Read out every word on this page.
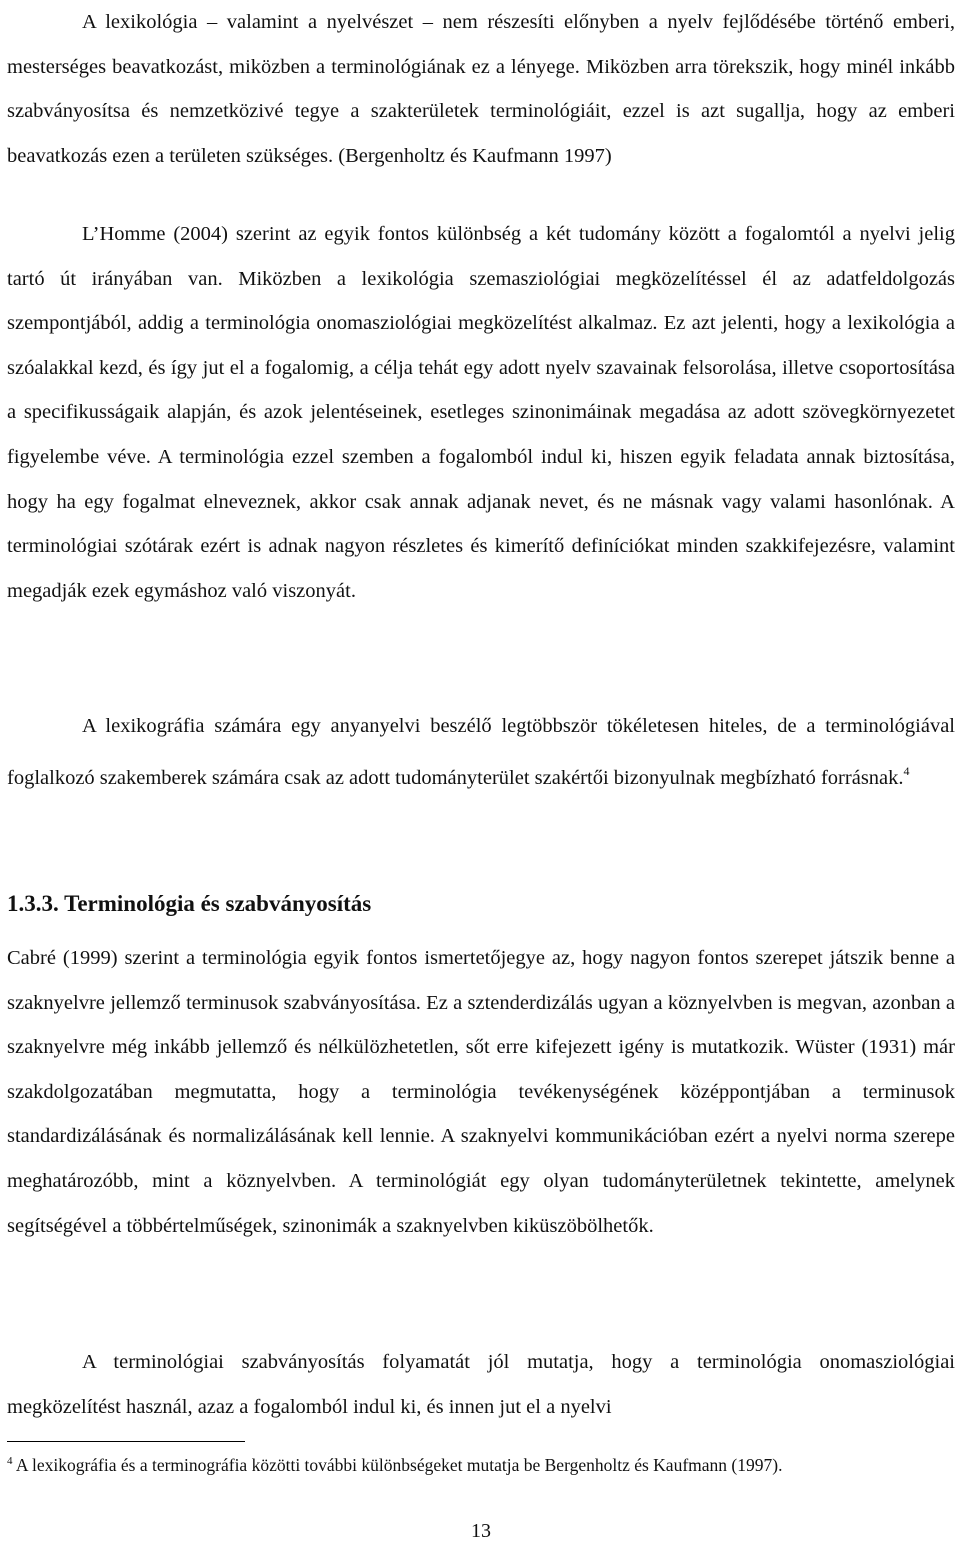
A lexikológia – valamint a nyelvészet – nem részesíti előnyben a nyelv fejlődésébe történő emberi, mesterséges beavatkozást, miközben a terminológiának ez a lényege. Miközben arra törekszik, hogy minél inkább szabványosítsa és nemzetközivé tegye a szakterületek terminológiáit, ezzel is azt sugallja, hogy az emberi beavatkozás ezen a területen szükséges. (Bergenholtz és Kaufmann 1997)

L’Homme (2004) szerint az egyik fontos különbség a két tudomány között a fogalomtól a nyelvi jelig tartó út irányában van. Miközben a lexikológia szemasziológiai megközelítéssel él az adatfeldolgozás szempontjából, addig a terminológia onomasziológiai megközelítést alkalmaz. Ez azt jelenti, hogy a lexikológia a szóalakkal kezd, és így jut el a fogalomig, a célja tehát egy adott nyelv szavainak felsorolása, illetve csoportosítása a specifikusságaik alapján, és azok jelentéseinek, esetleges szinonimáinak megadása az adott szövegkörnyezetet figyelembe véve. A terminológia ezzel szemben a fogalomból indul ki, hiszen egyik feladata annak biztosítása, hogy ha egy fogalmat elneveznek, akkor csak annak adjanak nevet, és ne másnak vagy valami hasonlónak. A terminológiai szótárak ezért is adnak nagyon részletes és kimerítő definíciókat minden szakkifejezésre, valamint megadják ezek egymáshoz való viszonyát.

A lexikográfia számára egy anyanyelvi beszélő legtöbbször tökéletesen hiteles, de a terminológiával foglalkozó szakemberek számára csak az adott tudományterület szakértői bizonyulnak megbízható forrásnak.$^4$

1.3.3. Terminológia és szabványosítás

Cabré (1999) szerint a terminológia egyik fontos ismertetőjegye az, hogy nagyon fontos szerepet játszik benne a szaknyelvre jellemző terminusok szabványosítása. Ez a sztenderdizálás ugyan a köznyelvben is megvan, azonban a szaknyelvre még inkább jellemző és nélkülözhetetlen, sőt erre kifejezett igény is mutatkozik. Wüster (1931) már szakdolgozatában megmutatta, hogy a terminológia tevékenységének középpontjában a terminusok standardizálásának és normalizálásának kell lennie. A szaknyelvi kommunikációban ezért a nyelvi norma szerepe meghatározóbb, mint a köznyelvben. A terminológiát egy olyan tudományterületnek tekintette, amelynek segítségével a többértelműségek, szinonimák a szaknyelvben kiküszöbölhetők.

A terminológiai szabványosítás folyamatát jól mutatja, hogy a terminológia onomasziológiai megközelítést használ, azaz a fogalomból indul ki, és innen jut el a nyelvi

$^4$ A lexikográfia és a terminográfia közötti további különbségeket mutatja be Bergenholtz és Kaufmann (1997).

13
